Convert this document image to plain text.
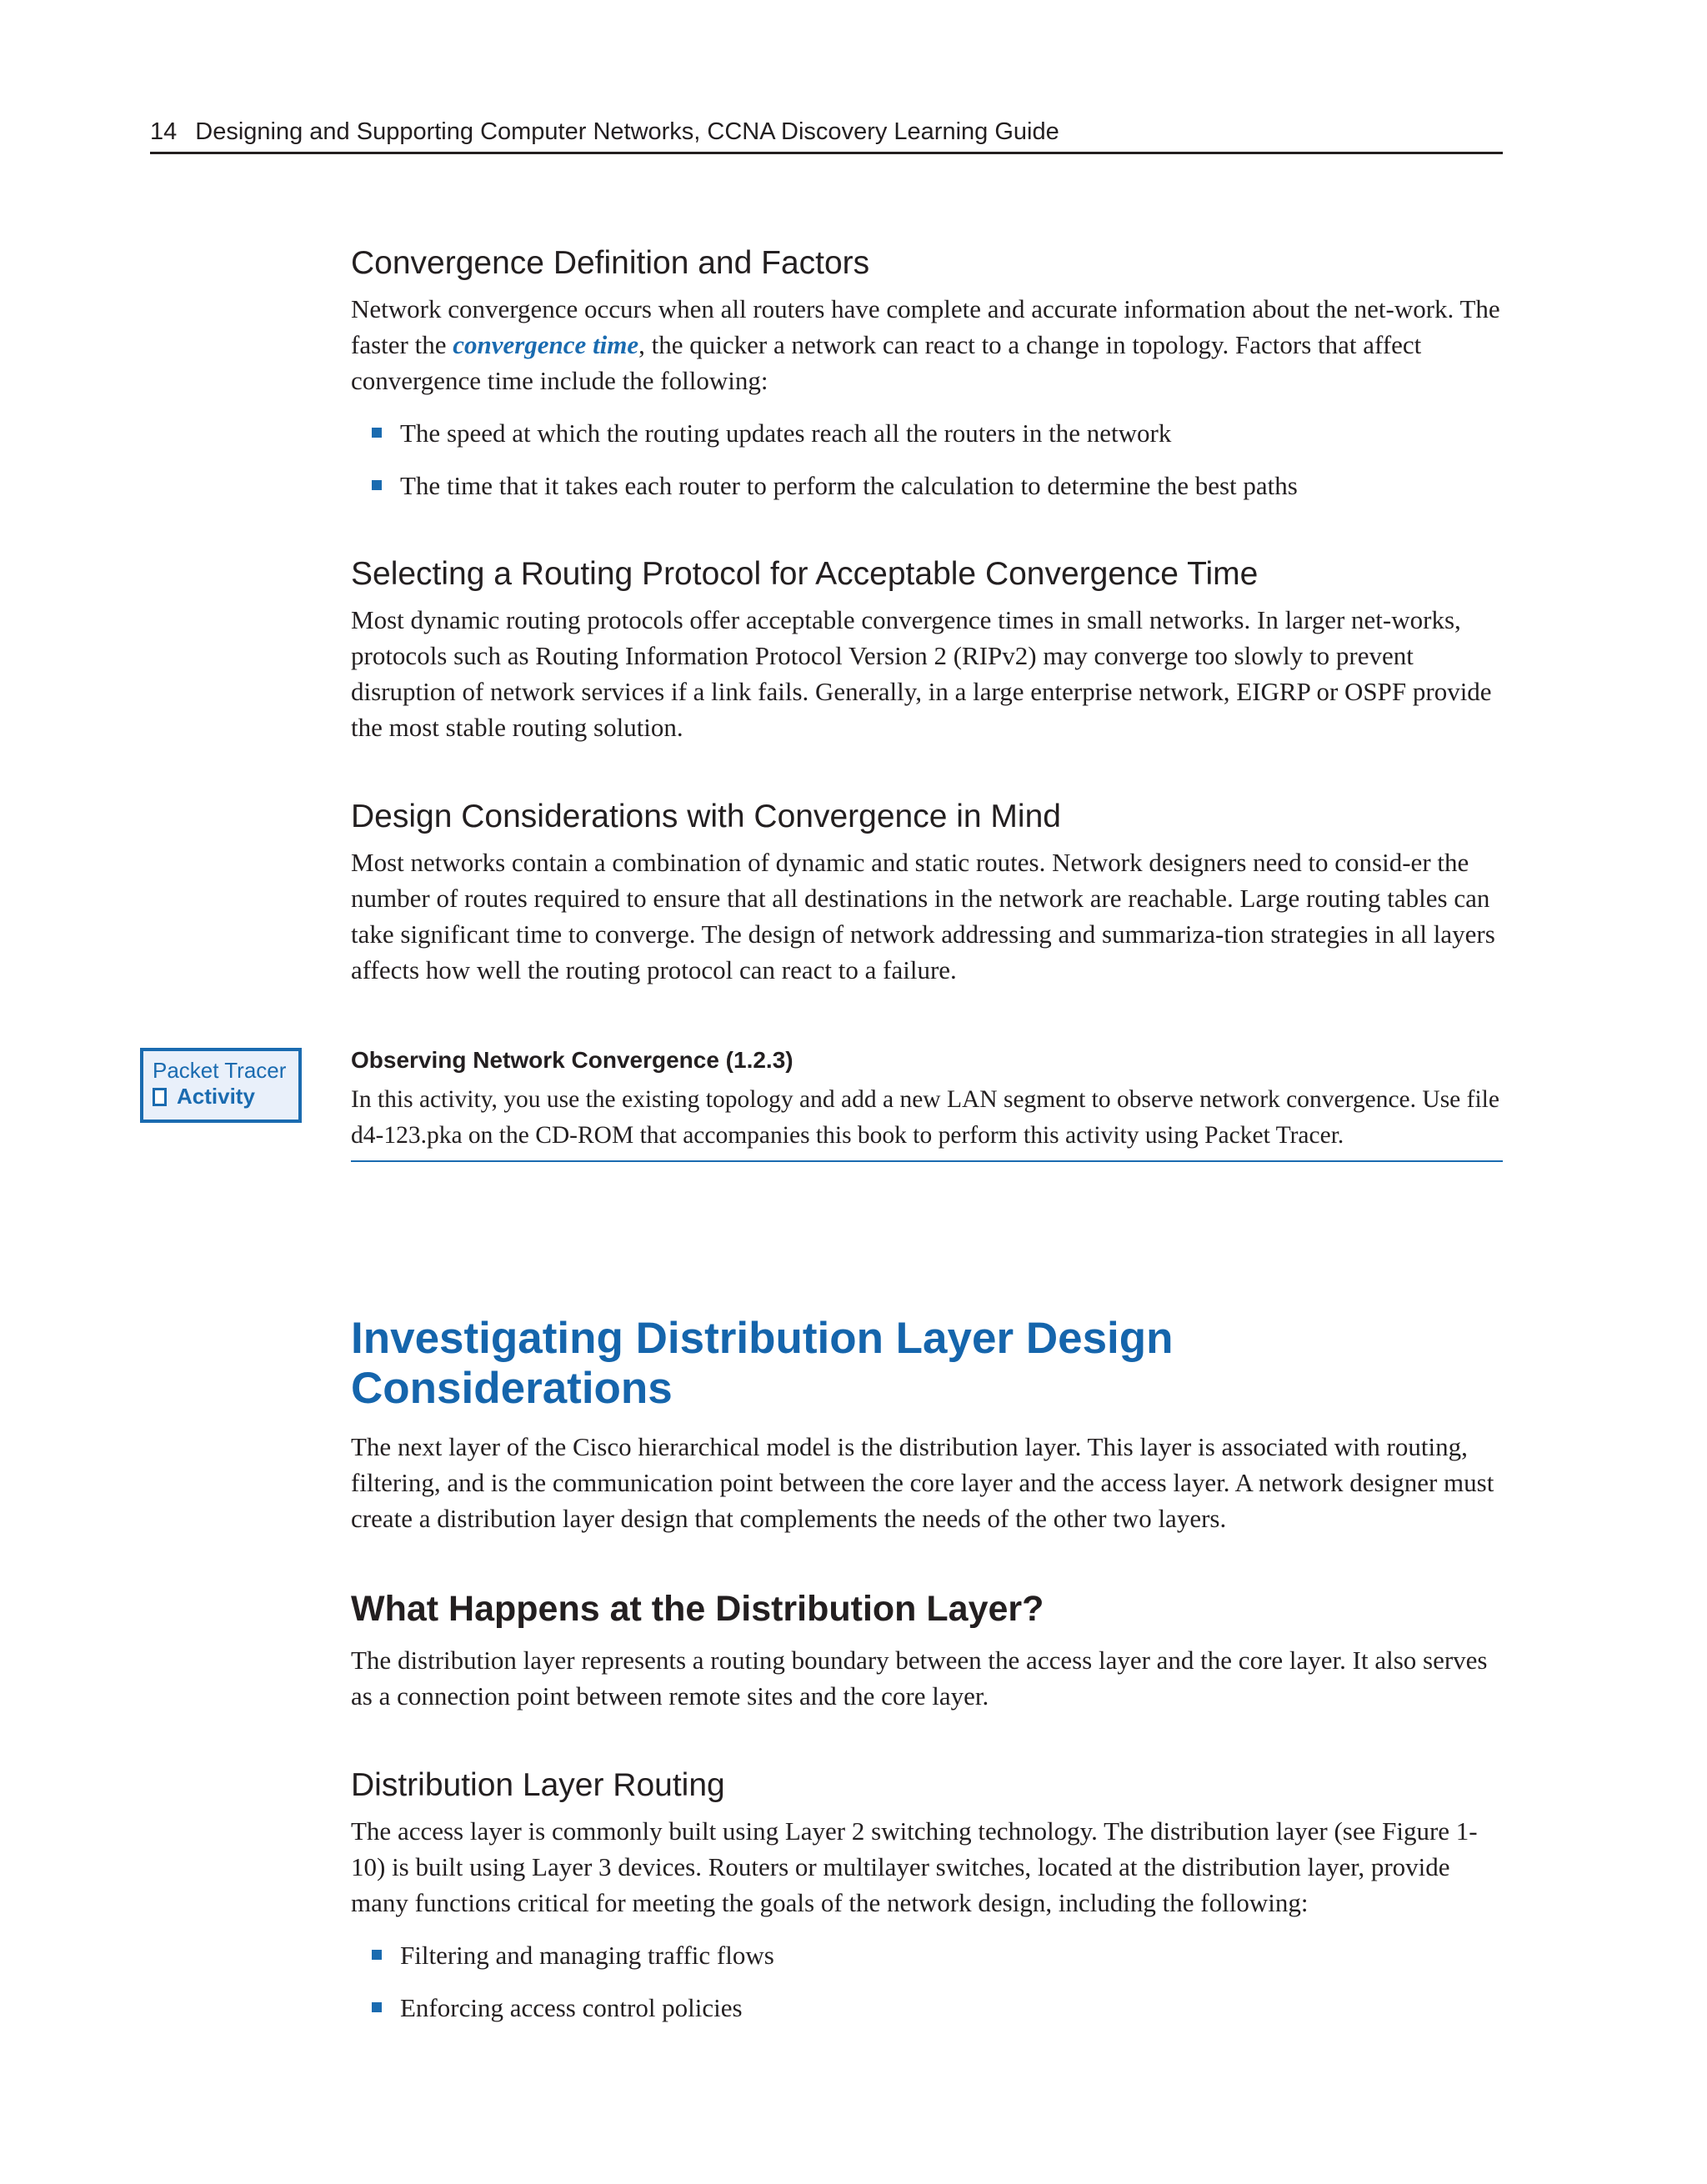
14 Designing and Supporting Computer Networks, CCNA Discovery Learning Guide
Convergence Definition and Factors

Network convergence occurs when all routers have complete and accurate information about the net-work. The faster the convergence time, the quicker a network can react to a change in topology. Factors that affect convergence time include the following:

The speed at which the routing updates reach all the routers in the network
The time that it takes each router to perform the calculation to determine the best paths
Selecting a Routing Protocol for Acceptable Convergence Time

Most dynamic routing protocols offer acceptable convergence times in small networks. In larger net-works, protocols such as Routing Information Protocol Version 2 (RIPv2) may converge too slowly to prevent disruption of network services if a link fails. Generally, in a large enterprise network, EIGRP or OSPF provide the most stable routing solution.

Design Considerations with Convergence in Mind

Most networks contain a combination of dynamic and static routes. Network designers need to consid-er the number of routes required to ensure that all destinations in the network are reachable. Large routing tables can take significant time to converge. The design of network addressing and summariza-tion strategies in all layers affects how well the routing protocol can react to a failure.

Packet Tracer
Activity
Observing Network Convergence (1.2.3)

In this activity, you use the existing topology and add a new LAN segment to observe network convergence. Use file d4-123.pka on the CD-ROM that accompanies this book to perform this activity using Packet Tracer.

Investigating Distribution Layer Design Considerations

The next layer of the Cisco hierarchical model is the distribution layer. This layer is associated with routing, filtering, and is the communication point between the core layer and the access layer. A network designer must create a distribution layer design that complements the needs of the other two layers.

What Happens at the Distribution Layer?

The distribution layer represents a routing boundary between the access layer and the core layer. It also serves as a connection point between remote sites and the core layer.

Distribution Layer Routing

The access layer is commonly built using Layer 2 switching technology. The distribution layer (see Figure 1-10) is built using Layer 3 devices. Routers or multilayer switches, located at the distribution layer, provide many functions critical for meeting the goals of the network design, including the following:

Filtering and managing traffic flows
Enforcing access control policies
